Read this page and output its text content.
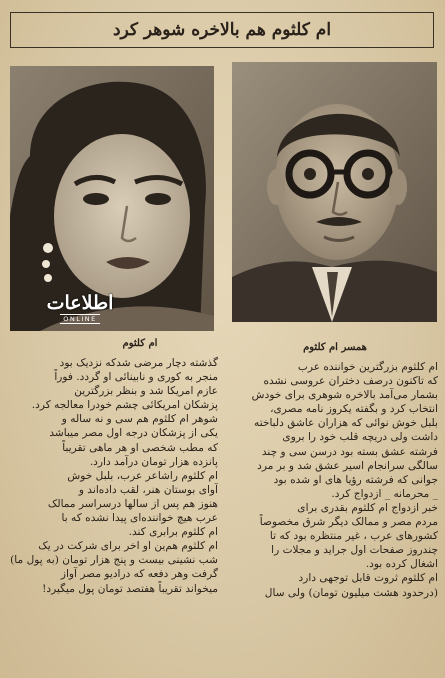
ام کلثوم هم بالاخره شوهر کرد
اطلاعات
ONLINE
ام کلثوم	همسر ام کلثوم
ام کلثوم بزرگترین خواننده عرب
که تاکنون درصف دختران عروسی نشده
بشمار می‌آمد بالاخره شوهری برای خودش
انتخاب کرد و بگفته یکروز نامه مصری،
بلبل خوش نوائی که هزاران عاشق دلباخته
داشت ولی دریچه قلب خود را بروی
فرشته عشق بسته بود درسن سی و چند
سالگی سرانجام اسیر عشق شد و بر مرد
جوانی که فرشته رؤیا های او شده بود
_ محرمانه _ ازدواج کرد.
خبر ازدواج ام کلثوم بقدری برای
مردم مصر و ممالک دیگر شرق مخصوصاً
کشورهای عرب ، غیر منتظره بود که تا
چندروز صفحات اول جراید و مجلات را
اشغال کرده بود.
ام کلثوم ثروت قابل توجهی دارد
(درحدود هشت میلیون تومان) ولی سال
گذشته دچار مرضی شدکه نزدیک بود
منجر به کوری و نابینائی او گردد. فوراً
عازم امریکا شد و بنظر بزرگترین
پزشکان امریکائی چشم خودرا معالجه کرد.
شوهر ام کلثوم هم سی و نه ساله و
یکی از پزشکان درجه اول مصر میباشد
که مطب شخصی او هر ماهی تقریباً
پانزده هزار تومان درآمد دارد.
ام کلثوم راشاعر عرب، بلبل خوش
آوای بوستان هنر، لقب داده‌اند و
هنوز هم پس از سالها درسراسر ممالک
عرب هیچ خواننده‌ای پیدا نشده که با
ام کلثوم برابری کند.
ام کلثوم هم‌ین او اخر برای شرکت در یک
شب نشینی بیست و پنج هزار تومان (به پول ما)
گرفت وهر دفعه که درادیو مصر آواز
میخواند تقریباً هفتصد تومان پول میگیرد!
